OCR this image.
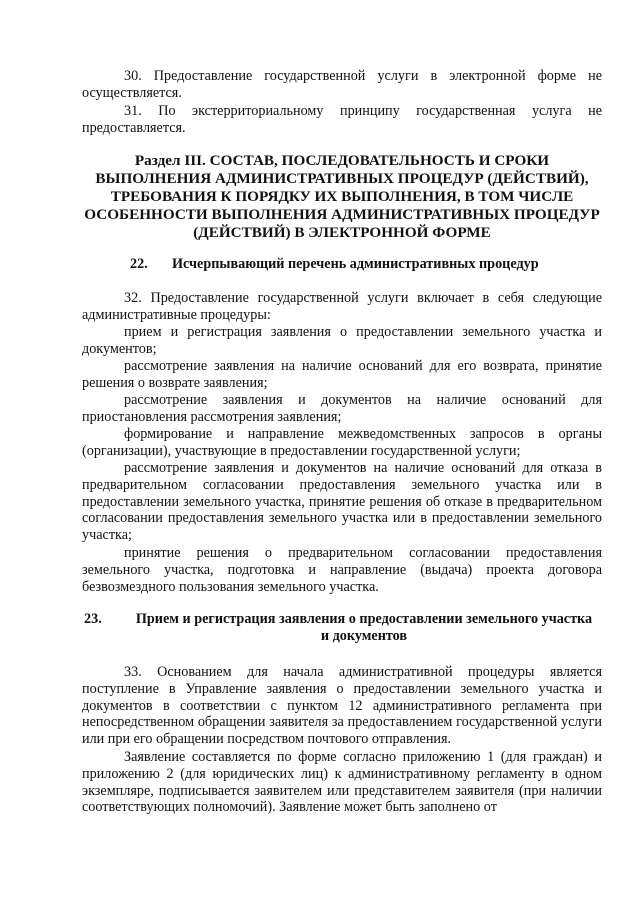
30. Предоставление государственной услуги в электронной форме не осуществляется.

31. По экстерриториальному принципу государственная услуга не предоставляется.

Раздел III. СОСТАВ, ПОСЛЕДОВАТЕЛЬНОСТЬ И СРОКИ ВЫПОЛНЕНИЯ АДМИНИСТРАТИВНЫХ ПРОЦЕДУР (ДЕЙСТВИЙ), ТРЕБОВАНИЯ К ПОРЯДКУ ИХ ВЫПОЛНЕНИЯ, В ТОМ ЧИСЛЕ ОСОБЕННОСТИ ВЫПОЛНЕНИЯ АДМИНИСТРАТИВНЫХ ПРОЦЕДУР (ДЕЙСТВИЙ) В ЭЛЕКТРОННОЙ ФОРМЕ

22. Исчерпывающий перечень административных процедур

32. Предоставление государственной услуги включает в себя следующие административные процедуры:

прием и регистрация заявления о предоставлении земельного участка и документов;

рассмотрение заявления на наличие оснований для его возврата, принятие решения о возврате заявления;

рассмотрение заявления и документов на наличие оснований для приостановления рассмотрения заявления;

формирование и направление межведомственных запросов в органы (организации), участвующие в предоставлении государственной услуги;

рассмотрение заявления и документов на наличие оснований для отказа в предварительном согласовании предоставления земельного участка или в предоставлении земельного участка, принятие решения об отказе в предварительном согласовании предоставления земельного участка или в предоставлении земельного участка;

принятие решения о предварительном согласовании предоставления земельного участка, подготовка и направление (выдача) проекта договора безвозмездного пользования земельного участка.

23.	Прием и регистрация заявления о предоставлении земельного участка
и документов

33. Основанием для начала административной процедуры является поступление в Управление заявления о предоставлении земельного участка и документов в соответствии с пунктом 12 административного регламента при непосредственном обращении заявителя за предоставлением государственной услуги или при его обращении посредством почтового отправления.

Заявление составляется по форме согласно приложению 1 (для граждан) и приложению 2 (для юридических лиц) к административному регламенту в одном экземпляре, подписывается заявителем или представителем заявителя (при наличии соответствующих полномочий). Заявление может быть заполнено от
